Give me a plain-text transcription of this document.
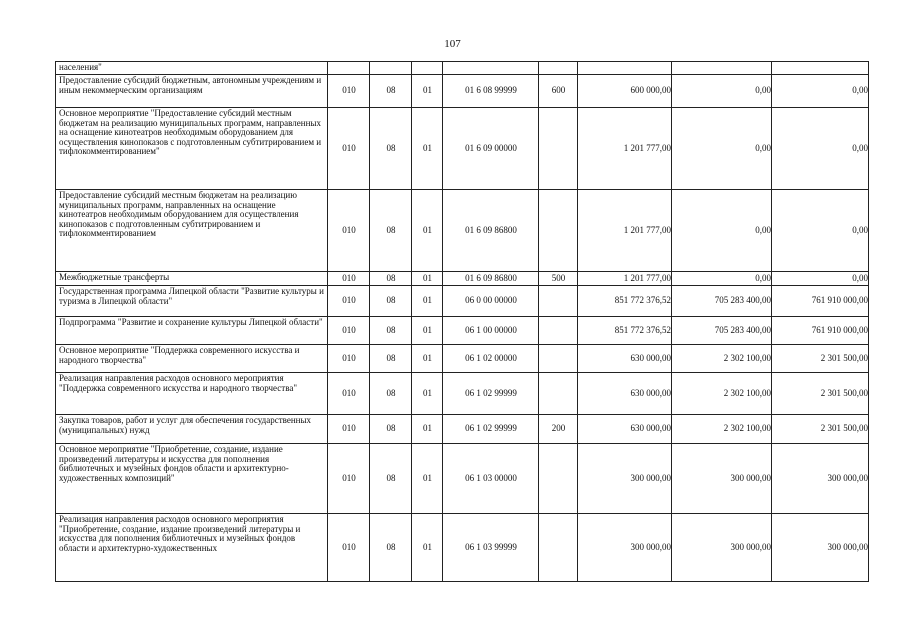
107
населения"								
Предоставление субсидий бюджетным, автономным учреждениям и иным некоммерческим организациям	010	08	01	01 6 08 99999	600	600 000,00	0,00	0,00
Основное мероприятие "Предоставление субсидий местным бюджетам на реализацию муниципальных программ, направленных на оснащение кинотеатров необходимым оборудованием для осуществления кинопоказов с подготовленным субтитрированием и тифлокомментированием"	010	08	01	01 6 09 00000		1 201 777,00	0,00	0,00
Предоставление субсидий местным бюджетам на реализацию муниципальных программ, направленных на оснащение кинотеатров необходимым оборудованием для осуществления кинопоказов с подготовленным субтитрированием и тифлокомментированием	010	08	01	01 6 09 86800		1 201 777,00	0,00	0,00
Межбюджетные трансферты	010	08	01	01 6 09 86800	500	1 201 777,00	0,00	0,00
Государственная программа Липецкой области "Развитие культуры и туризма в Липецкой области"	010	08	01	06 0 00 00000		851 772 376,52	705 283 400,00	761 910 000,00
Подпрограмма "Развитие и сохранение культуры Липецкой области"	010	08	01	06 1 00 00000		851 772 376,52	705 283 400,00	761 910 000,00
Основное мероприятие "Поддержка современного искусства и народного творчества"	010	08	01	06 1 02 00000		630 000,00	2 302 100,00	2 301 500,00
Реализация направления расходов основного мероприятия "Поддержка современного искусства и народного творчества"	010	08	01	06 1 02 99999		630 000,00	2 302 100,00	2 301 500,00
Закупка товаров, работ и услуг для обеспечения государственных (муниципальных) нужд	010	08	01	06 1 02 99999	200	630 000,00	2 302 100,00	2 301 500,00
Основное мероприятие "Приобретение, создание, издание произведений литературы и искусства для пополнения библиотечных и музейных фондов области и архитектурно-художественных композиций"	010	08	01	06 1 03 00000		300 000,00	300 000,00	300 000,00
Реализация направления расходов основного мероприятия "Приобретение, создание, издание произведений литературы и искусства для пополнения библиотечных и музейных фондов области и архитектурно-художественных	010	08	01	06 1 03 99999		300 000,00	300 000,00	300 000,00
